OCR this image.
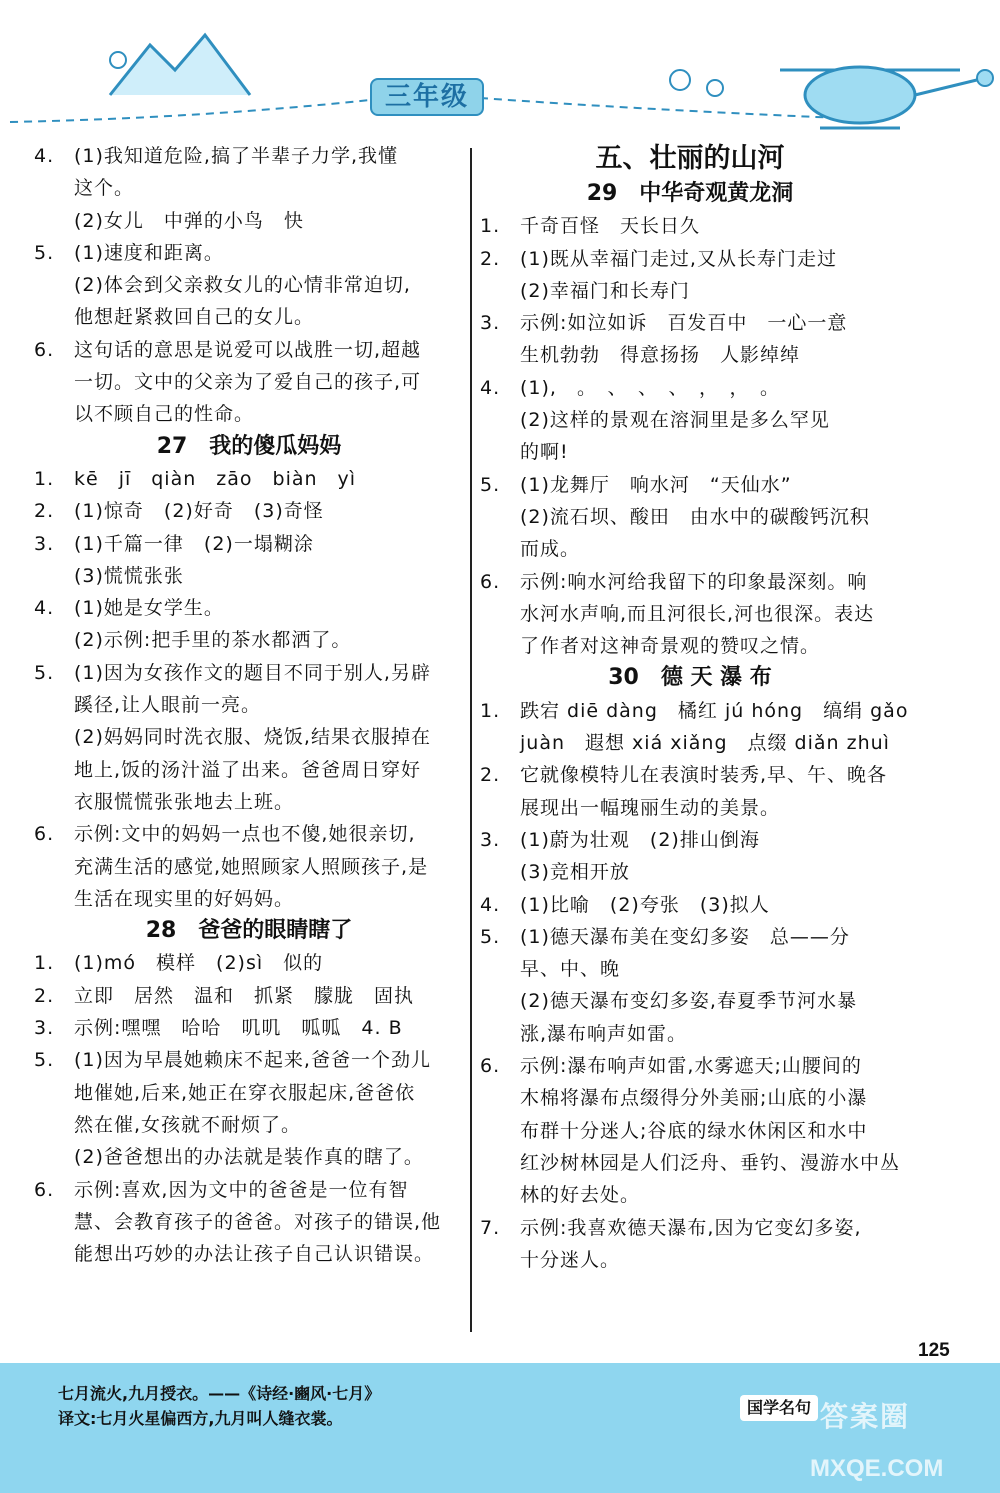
三年级
4. (1)我知道危险,搞了半辈子力学,我懂
这个。
(2)女儿　中弹的小鸟　快
5. (1)速度和距离。
(2)体会到父亲救女儿的心情非常迫切,
他想赶紧救回自己的女儿。
6. 这句话的意思是说爱可以战胜一切,超越
一切。文中的父亲为了爱自己的孩子,可
以不顾自己的性命。
27　我的傻瓜妈妈
1. kē　jī　qiàn　zāo　biàn　yì
2. (1)惊奇　(2)好奇　(3)奇怪
3. (1)千篇一律　(2)一塌糊涂
(3)慌慌张张
4. (1)她是女学生。
(2)示例:把手里的茶水都洒了。
5. (1)因为女孩作文的题目不同于别人,另辟
蹊径,让人眼前一亮。
(2)妈妈同时洗衣服、烧饭,结果衣服掉在
地上,饭的汤汁溢了出来。爸爸周日穿好
衣服慌慌张张地去上班。
6. 示例:文中的妈妈一点也不傻,她很亲切,
充满生活的感觉,她照顾家人照顾孩子,是
生活在现实里的好妈妈。
28　爸爸的眼睛瞎了
1. (1)mó　模样　(2)sì　似的
2. 立即　居然　温和　抓紧　朦胧　固执
3. 示例:嘿嘿　哈哈　叽叽　呱呱　4. B
5. (1)因为早晨她赖床不起来,爸爸一个劲儿
地催她,后来,她正在穿衣服起床,爸爸依
然在催,女孩就不耐烦了。
(2)爸爸想出的办法就是装作真的瞎了。
6. 示例:喜欢,因为文中的爸爸是一位有智
慧、会教育孩子的爸爸。对孩子的错误,他
能想出巧妙的办法让孩子自己认识错误。
五、壮丽的山河
29　中华奇观黄龙洞
1. 千奇百怪　天长日久
2. (1)既从幸福门走过,又从长寿门走过
(2)幸福门和长寿门
3. 示例:如泣如诉　百发百中　一心一意
生机勃勃　得意扬扬　人影绰绰
4. (1),　。　、　、　、　，　，　。
(2)这样的景观在溶洞里是多么罕见
的啊!
5. (1)龙舞厅　响水河　“天仙水”
(2)流石坝、酸田　由水中的碳酸钙沉积
而成。
6. 示例:响水河给我留下的印象最深刻。响
水河水声响,而且河很长,河也很深。表达
了作者对这神奇景观的赞叹之情。
30　德 天 瀑 布
1. 跌宕 diē dàng　橘红 jú hóng　缟绢 gǎo
juàn　遐想 xiá xiǎng　点缀 diǎn zhuì
2. 它就像模特儿在表演时装秀,早、午、晚各
展现出一幅瑰丽生动的美景。
3. (1)蔚为壮观　(2)排山倒海
(3)竞相开放
4. (1)比喻　(2)夸张　(3)拟人
5. (1)德天瀑布美在变幻多姿　总——分
早、中、晚
(2)德天瀑布变幻多姿,春夏季节河水暴
涨,瀑布响声如雷。
6. 示例:瀑布响声如雷,水雾遮天;山腰间的
木棉将瀑布点缀得分外美丽;山底的小瀑
布群十分迷人;谷底的绿水休闲区和水中
红沙树林园是人们泛舟、垂钓、漫游水中丛
林的好去处。
7. 示例:我喜欢德天瀑布,因为它变幻多姿,
十分迷人。
125
七月流火,九月授衣。——《诗经·豳风·七月》
译文:七月火星偏西方,九月叫人缝衣裳。
国学名句 答案圈
MXQE.COM
